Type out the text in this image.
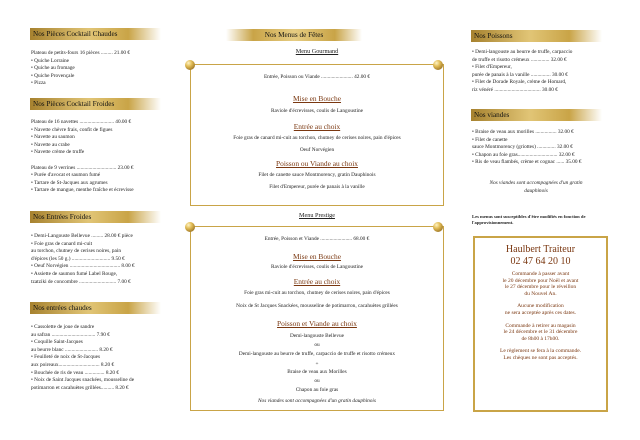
Nos Pièces Cocktail Chaudes
Plateau de petits-fours 16 pièces ......... 21.00 €
• Quiche Lorraine
• Quiche au fromage
• Quiche Provençale
• Pizza
Nos Pièces Cocktail Froides
Plateau de 16 navettes .......................... 40.00 €
• Navette chèvre frais, confit de figues
• Navette au saumon
• Navette au crabe
• Navette crème de truffe

Plateau de 9 verrines .............................. 23.00 €
• Purée d'avocat et saumon fumé
• Tartare de St-Jacques aux agrumes
• Tartare de mangue, menthe fraîche et écrevisse
Nos Entrées Froides
• Demi-Langouste Bellevue ......... 28.00 € pièce
• Foie gras de canard mi-cuit
au torchon, chutney de cerises noires, pain
d'épices (les 50 g.) ............................. 9.50 €
• Oeuf Norvégien ...................................... 8.00 €
• Assiette de saumon fumé Label Rouge,
tzatziki de concombre ............................ 7.00 €
Nos entrées chaudes
• Cassolette de joue de sandre
au safran ................................. 7.90 €
• Coquille Saint-Jacques
au beurre blanc ......................... 8.20 €
• Feuilleté de noix de St-Jacques
aux poireaux............................... 8.20 €
• Bouchée de ris de veau ............... 8.20 €
• Noix de Saint Jacques snackées, mousseline de
potimarron et cacahuètes grillées.......... 8.20 €
Nos Menus de Fêtes
Menu Gourmand
Entrée, Poisson ou Viande ........................ 42.00 €
Mise en Bouche
Raviole d'écrevisses, coulis de Langoustine
Entrée au choix
Foie gras de canard mi-cuit au torchon, chutney de cerises noires, pain d'épices
Oeuf Norvégien
Poisson ou Viande au choix
Filet de canette sauce Montmorency, gratin Dauphinois
Filet d'Empereur, purée de panais à la vanille
Menu Prestige
Entrée, Poisson et Viande ........................ 68.00 €
Mise en Bouche
Raviole d'écrevisses, coulis de Langoustine
Entrée au choix
Foie gras mi-cuit au torchon, chutney de cerises noires, pain d'épices
Noix de St Jacques Snackées, mousseline de potimarron, cacahuètes grillées
Poisson et Viande au choix
Demi-langouste Bellevue
ou
Demi-langouste au beurre de truffe, carpaccio de truffe et risotto crémeux
+
Braise de veau aux Morilles
ou
Chapon au foie gras
Nos viandes sont accompagnées d'un gratin dauphinois
Nos Poissons
• Demi-langouste au beurre de truffe, carpaccio
de truffe et risotto crémeux .............. 32.00 €
• Filet d'Empereur,
purée de panais à la vanille ............... 30.00 €
• Filet de Dorade Royale, crème de Homard,
riz vénéré ................................... 30.00 €
Nos viandes
• Braise de veau aux morilles ................ 32.00 €
• Filet de canette
sauce Montmorency (griottes) .............. 32.00 €
• Chapon au foie gras.............................. 32.00 €
• Ris de veau flambés, crème et cognac ...... 35.00 €
Nos viandes sont accompagnées d'un gratin
dauphinois
Les menus sont susceptibles d'être modifiés en fonction de
l'approvisionnement.
Haulbert Traiteur
02 47 64 20 10
Commande à passer avant
le 20 décembre pour Noël et avant
le 27 décembre pour le réveillon
du Nouvel An.
Aucune modification
ne sera acceptée après ces dates.
Commande à retirer au magasin
le 24 décembre et le 31 décembre
de 8h00 à 17h00.
Le règlement se fera à la commande.
Les chèques ne sont pas acceptés.
